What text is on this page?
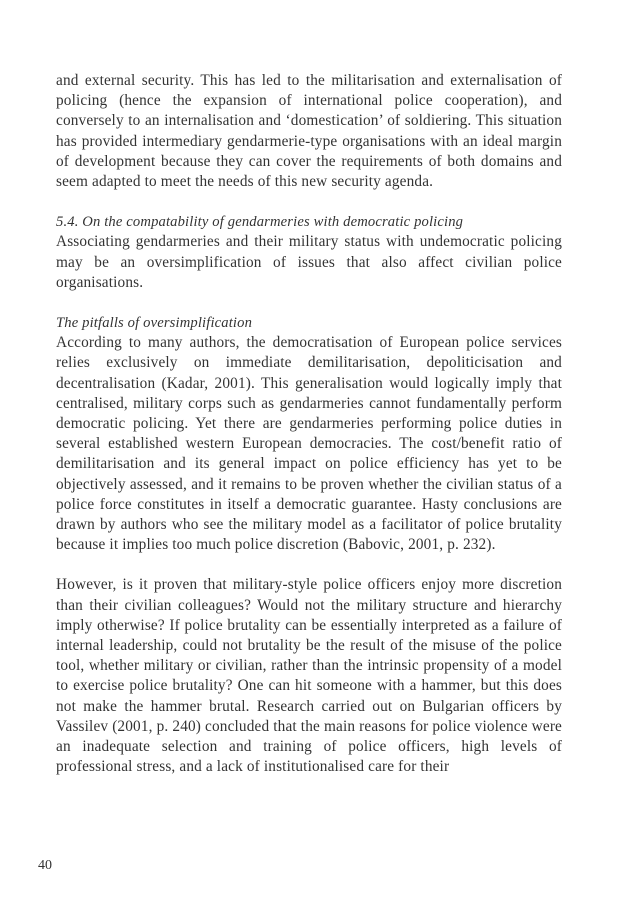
and external security. This has led to the militarisation and externalisation of policing (hence the expansion of international police cooperation), and conversely to an internalisation and ‘domestication’ of soldiering. This situation has provided intermediary gendarmerie-type organisations with an ideal margin of development because they can cover the requirements of both domains and seem adapted to meet the needs of this new security agenda.

5.4. On the compatability of gendarmeries with democratic policing

Associating gendarmeries and their military status with undemocratic policing may be an oversimplification of issues that also affect civilian police organisations.

The pitfalls of oversimplification

According to many authors, the democratisation of European police services relies exclusively on immediate demilitarisation, depoliticisation and decentralisation (Kadar, 2001). This generalisation would logically imply that centralised, military corps such as gendarmeries cannot fundamentally perform democratic policing. Yet there are gendarmeries performing police duties in several established western European democracies. The cost/benefit ratio of demilitarisation and its general impact on police efficiency has yet to be objectively assessed, and it remains to be proven whether the civilian status of a police force constitutes in itself a democratic guarantee. Hasty conclusions are drawn by authors who see the military model as a facilitator of police brutality because it implies too much police discretion (Babovic, 2001, p. 232).

However, is it proven that military-style police officers enjoy more discretion than their civilian colleagues? Would not the military structure and hierarchy imply otherwise? If police brutality can be essentially interpreted as a failure of internal leadership, could not brutality be the result of the misuse of the police tool, whether military or civilian, rather than the intrinsic propensity of a model to exercise police brutality? One can hit someone with a hammer, but this does not make the hammer brutal. Research carried out on Bulgarian officers by Vassilev (2001, p. 240) concluded that the main reasons for police violence were an inadequate selection and training of police officers, high levels of professional stress, and a lack of institutionalised care for their

40
